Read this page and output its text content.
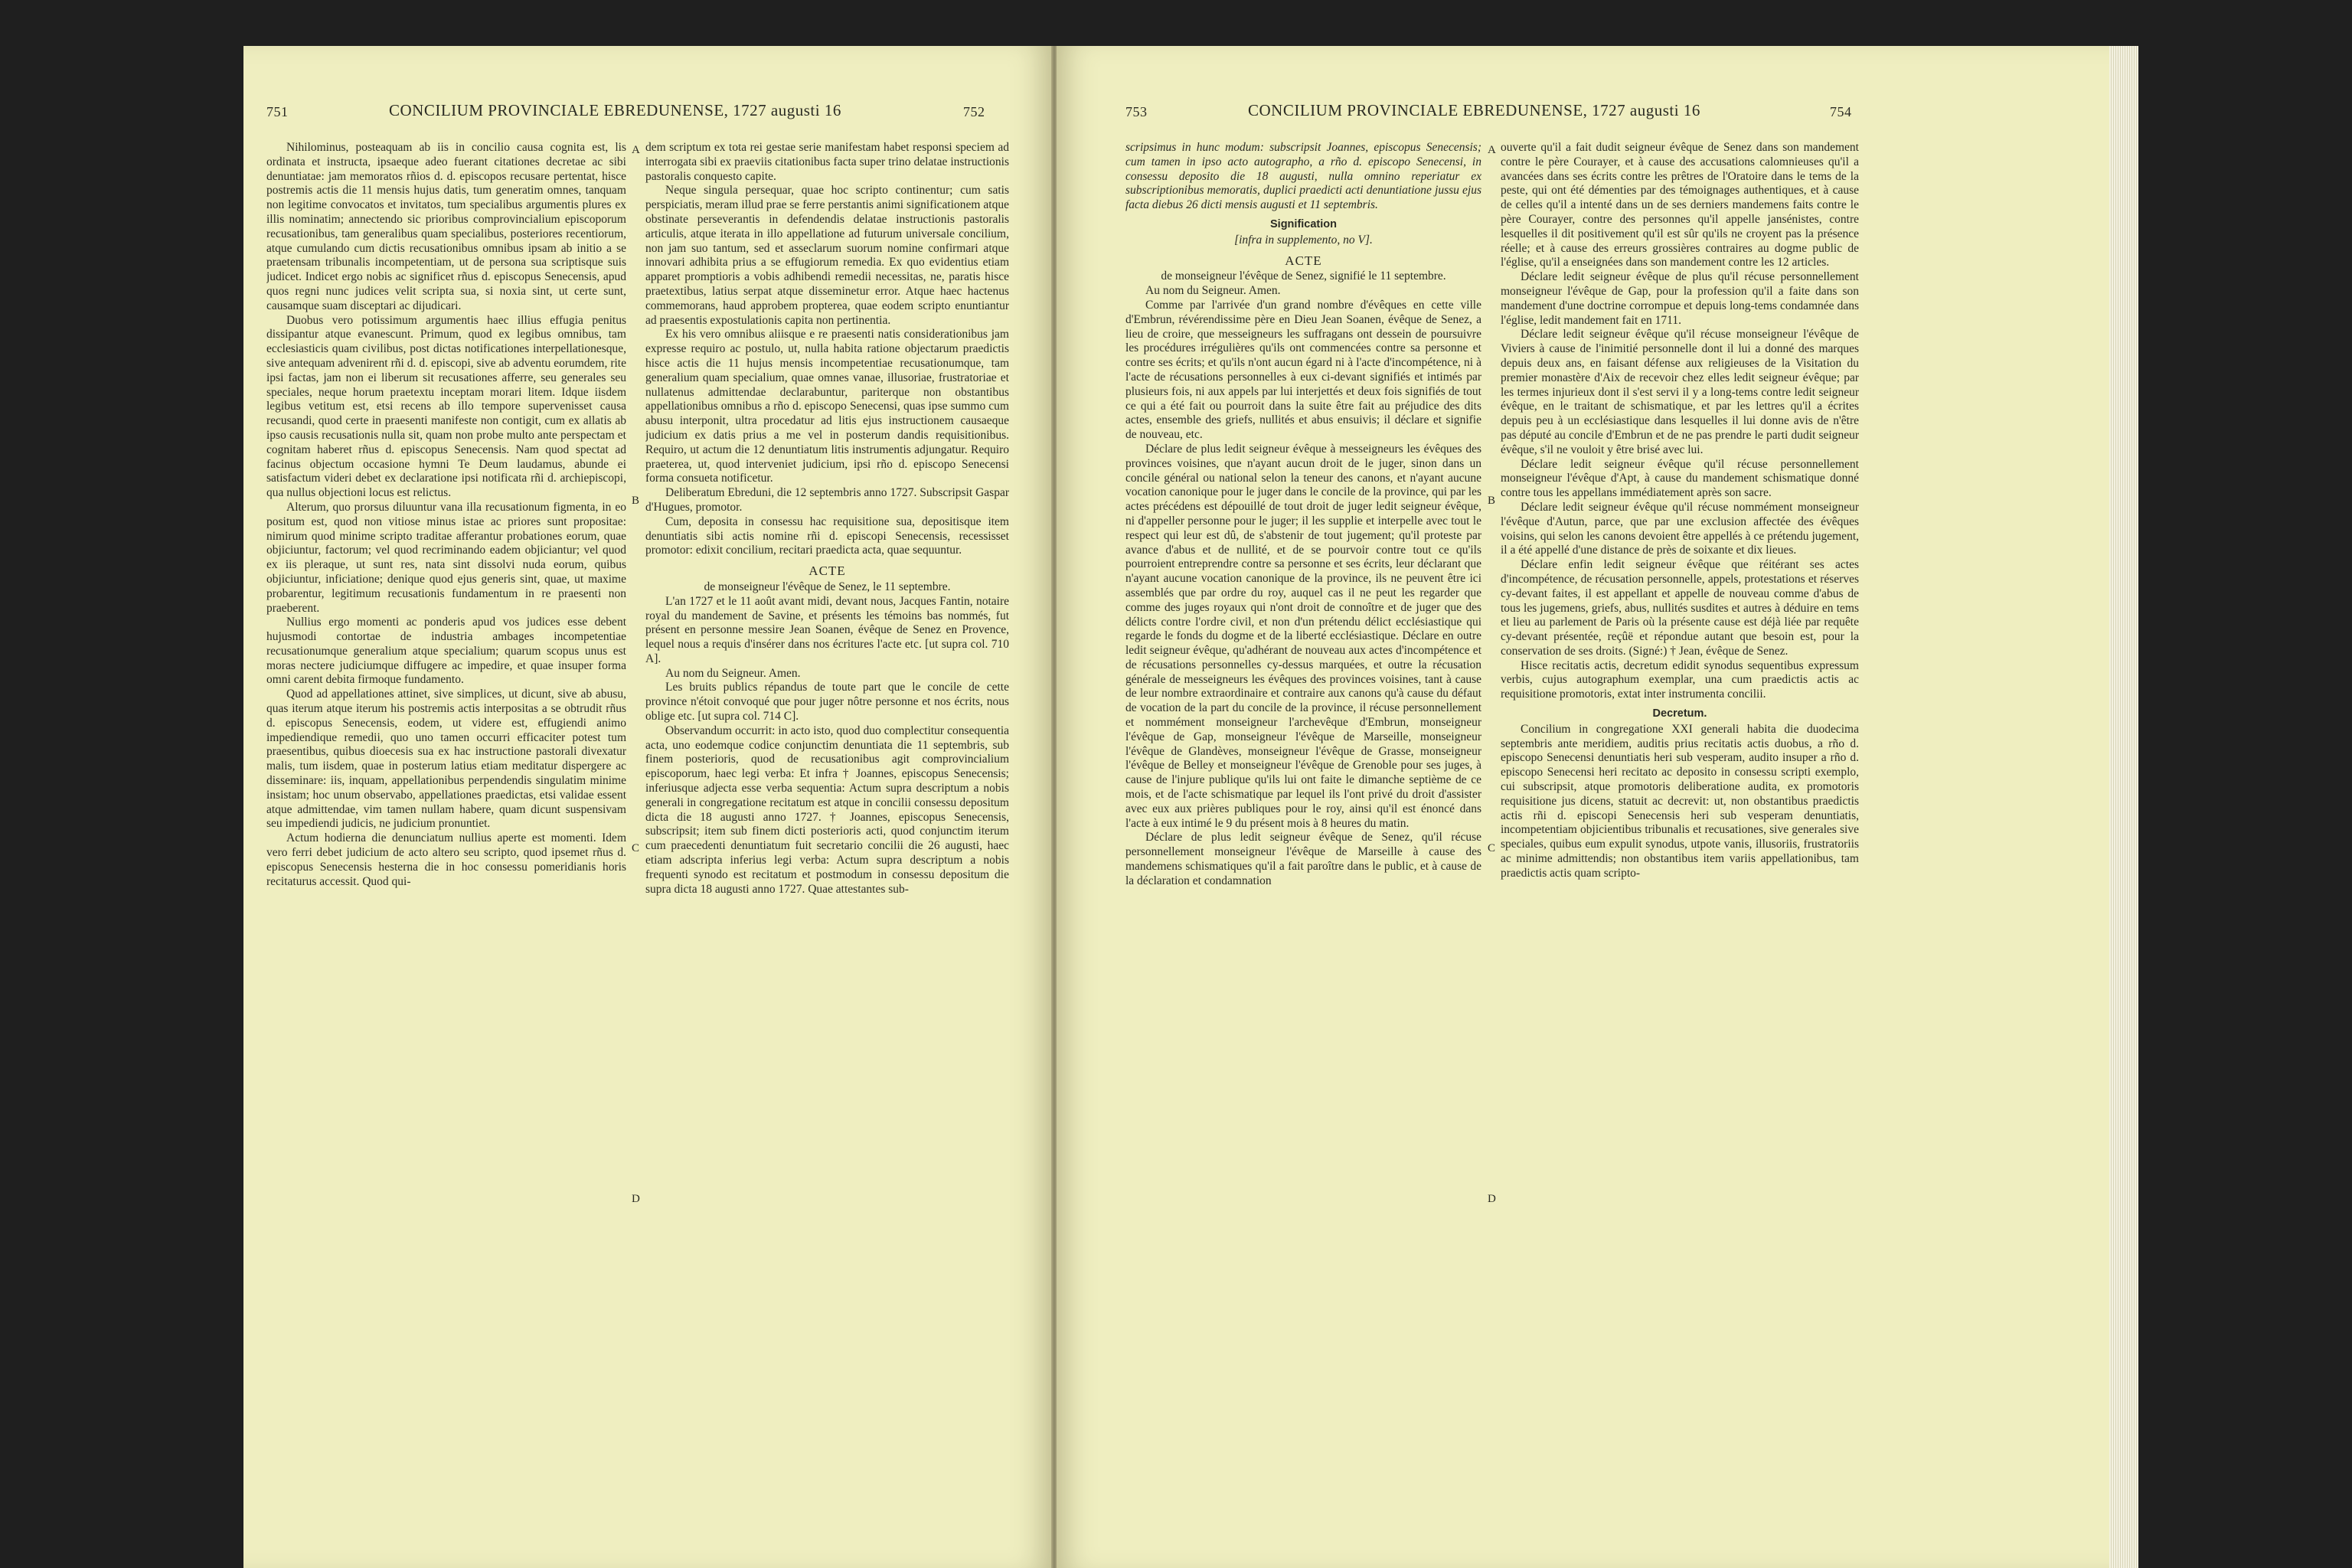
751	CONCILIUM PROVINCIALE EBREDUNENSE, 1727 augusti 16	752

Nihilominus, posteaquam ab iis in concilio causa cognita est, lis ordinata et instructa, ipsaeque adeo fuerant citationes decretae ac sibi denuntiatae: jam memoratos rñios d. d. episcopos recusare pertentat, hisce postremis actis die 11 mensis hujus datis, tum generatim omnes, tanquam non legitime convocatos et invitatos, tum specialibus argumentis plures ex illis nominatim; annectendo sic prioribus comprovincialium episcoporum recusationibus, tam generalibus quam specialibus, posteriores recentiorum, atque cumulando cum dictis recusationibus omnibus ipsam ab initio a se praetensam tribunalis incompetentiam, ut de persona sua scriptisque suis judicet. Indicet ergo nobis ac significet rñus d. episcopus Senecensis, apud quos regni nunc judices velit scripta sua, si noxia sint, ut certe sunt, causamque suam disceptari ac dijudicari.

Duobus vero potissimum argumentis haec illius effugia penitus dissipantur atque evanescunt. Primum, quod ex legibus omnibus, tam ecclesiasticis quam civilibus, post dictas notificationes interpellationesque, sive antequam advenirent rñi d. d. episcopi, sive ab adventu eorumdem, rite ipsi factas, jam non ei liberum sit recusationes afferre, seu generales seu speciales, neque horum praetextu inceptam morari litem. Idque iisdem legibus vetitum est, etsi recens ab illo tempore supervenisset causa recusandi, quod certe in praesenti manifeste non contigit, cum ex allatis ab ipso causis recusationis nulla sit, quam non probe multo ante perspectam et cognitam haberet rñus d. episcopus Senecensis. Nam quod spectat ad facinus objectum occasione hymni Te Deum laudamus, abunde ei satisfactum videri debet ex declaratione ipsi notificata rñi d. archiepiscopi, qua nullus objectioni locus est relictus.

Alterum, quo prorsus diluuntur vana illa recusationum figmenta, in eo positum est, quod non vitiose minus istae ac priores sunt propositae: nimirum quod minime scripto traditae afferantur probationes eorum, quae objiciuntur, factorum; vel quod recriminando eadem objiciantur; vel quod ex iis pleraque, ut sunt res, nata sint dissolvi nuda eorum, quibus objiciuntur, inficiatione; denique quod ejus generis sint, quae, ut maxime probarentur, legitimum recusationis fundamentum in re praesenti non praeberent.

Nullius ergo momenti ac ponderis apud vos judices esse debent hujusmodi contortae de industria ambages incompetentiae recusationumque generalium atque specialium; quarum scopus unus est moras nectere judiciumque diffugere ac impedire, et quae insuper forma omni carent debita firmoque fundamento.

Quod ad appellationes attinet, sive simplices, ut dicunt, sive ab abusu, quas iterum atque iterum his postremis actis interpositas a se obtrudit rñus d. episcopus Senecensis, eodem, ut videre est, effugiendi animo impediendique remedii, quo uno tamen occurri efficaciter potest tum praesentibus, quibus dioecesis sua ex hac instructione pastorali divexatur malis, tum iisdem, quae in posterum latius etiam meditatur dispergere ac disseminare: iis, inquam, appellationibus perpendendis singulatim minime insistam; hoc unum observabo, appellationes praedictas, etsi validae essent atque admittendae, vim tamen nullam habere, quam dicunt suspensivam seu impediendi judicis, ne judicium pronuntiet.

Actum hodierna die denunciatum nullius aperte est momenti. Idem vero ferri debet judicium de acto altero seu scripto, quod ipsemet rñus d. episcopus Senecensis hesterna die in hoc consessu pomeridianis horis recitaturus accessit. Quod qui-

A
B
C
D

dem scriptum ex tota rei gestae serie manifestam habet responsi speciem ad interrogata sibi ex praeviis citationibus facta super trino delatae instructionis pastoralis conquesto capite.

Neque singula persequar, quae hoc scripto continentur; cum satis perspiciatis, meram illud prae se ferre perstantis animi significationem atque obstinate perseverantis in defendendis delatae instructionis pastoralis articulis, atque iterata in illo appellatione ad futurum universale concilium, non jam suo tantum, sed et asseclarum suorum nomine confirmari atque innovari adhibita prius a se effugiorum remedia. Ex quo evidentius etiam apparet promptioris a vobis adhibendi remedii necessitas, ne, paratis hisce praetextibus, latius serpat atque disseminetur error. Atque haec hactenus commemorans, haud approbem propterea, quae eodem scripto enuntiantur ad praesentis expostulationis capita non pertinentia.

Ex his vero omnibus aliisque e re praesenti natis considerationibus jam expresse requiro ac postulo, ut, nulla habita ratione objectarum praedictis hisce actis die 11 hujus mensis incompetentiae recusationumque, tam generalium quam specialium, quae omnes vanae, illusoriae, frustratoriae et nullatenus admittendae declarabuntur, pariterque non obstantibus appellationibus omnibus a rño d. episcopo Senecensi, quas ipse summo cum abusu interponit, ultra procedatur ad litis ejus instructionem causaeque judicium ex datis prius a me vel in posterum dandis requisitionibus. Requiro, ut actum die 12 denuntiatum litis instrumentis adjungatur. Requiro praeterea, ut, quod interveniet judicium, ipsi rño d. episcopo Senecensi forma consueta notificetur.

Deliberatum Ebreduni, die 12 septembris anno 1727. Subscripsit Gaspar d'Hugues, promotor.

Cum, deposita in consessu hac requisitione sua, depositisque item denuntiatis sibi actis nomine rñi d. episcopi Senecensis, recessisset promotor: edixit concilium, recitari praedicta acta, quae sequuntur.

ACTE
de monseigneur l'évêque de Senez, le 11 septembre.

L'an 1727 et le 11 août avant midi, devant nous, Jacques Fantin, notaire royal du mandement de Savine, et présents les témoins bas nommés, fut présent en personne messire Jean Soanen, évêque de Senez en Provence, lequel nous a requis d'insérer dans nos écritures l'acte etc. [ut supra col. 710 A].

Au nom du Seigneur. Amen.

Les bruits publics répandus de toute part que le concile de cette province n'étoit convoqué que pour juger nôtre personne et nos écrits, nous oblige etc. [ut supra col. 714 C].

Observandum occurrit: in acto isto, quod duo complectitur consequentia acta, uno eodemque codice conjunctim denuntiata die 11 septembris, sub finem posterioris, quod de recusationibus agit comprovincialium episcoporum, haec legi verba: Et infra † Joannes, episcopus Senecensis; inferiusque adjecta esse verba sequentia: Actum supra descriptum a nobis generali in congregatione recitatum est atque in concilii consessu depositum dicta die 18 augusti anno 1727. † Joannes, episcopus Senecensis, subscripsit; item sub finem dicti posterioris acti, quod conjunctim iterum cum praecedenti denuntiatum fuit secretario concilii die 26 augusti, haec etiam adscripta inferius legi verba: Actum supra descriptum a nobis frequenti synodo est recitatum et postmodum in consessu depositum die supra dicta 18 augusti anno 1727. Quae attestantes sub-

753	CONCILIUM PROVINCIALE EBREDUNENSE, 1727 augusti 16	754

scripsimus in hunc modum: subscripsit Joannes, episcopus Senecensis; cum tamen in ipso acto autographo, a rño d. episcopo Senecensi, in consessu deposito die 18 augusti, nulla omnino reperiatur ex subscriptionibus memoratis, duplici praedicti acti denuntiatione jussu ejus facta diebus 26 dicti mensis augusti et 11 septembris.

Signification
[infra in supplemento, no V].
ACTE
de monseigneur l'évêque de Senez, signifié le 11 septembre.

Au nom du Seigneur. Amen.

Comme par l'arrivée d'un grand nombre d'évêques en cette ville d'Embrun, révérendissime père en Dieu Jean Soanen, évêque de Senez, a lieu de croire, que messeigneurs les suffragans ont dessein de poursuivre les procédures irrégulières qu'ils ont commencées contre sa personne et contre ses écrits; et qu'ils n'ont aucun égard ni à l'acte d'incompétence, ni à l'acte de récusations personnelles à eux ci-devant signifiés et intimés par plusieurs fois, ni aux appels par lui interjettés et deux fois signifiés de tout ce qui a été fait ou pourroit dans la suite être fait au préjudice des dits actes, ensemble des griefs, nullités et abus ensuivis; il déclare et signifie de nouveau, etc.

Déclare de plus ledit seigneur évêque à messeigneurs les évêques des provinces voisines, que n'ayant aucun droit de le juger, sinon dans un concile général ou national selon la teneur des canons, et n'ayant aucune vocation canonique pour le juger dans le concile de la province, qui par les actes précédens est dépouillé de tout droit de juger ledit seigneur évêque, ni d'appeller personne pour le juger; il les supplie et interpelle avec tout le respect qui leur est dû, de s'abstenir de tout jugement; qu'il proteste par avance d'abus et de nullité, et de se pourvoir contre tout ce qu'ils pourroient entreprendre contre sa personne et ses écrits, leur déclarant que n'ayant aucune vocation canonique de la province, ils ne peuvent être ici assemblés que par ordre du roy, auquel cas il ne peut les regarder que comme des juges royaux qui n'ont droit de connoître et de juger que des délicts contre l'ordre civil, et non d'un prétendu délict ecclésiastique qui regarde le fonds du dogme et de la liberté ecclésiastique. Déclare en outre ledit seigneur évêque, qu'adhérant de nouveau aux actes d'incompétence et de récusations personnelles cy-dessus marquées, et outre la récusation générale de messeigneurs les évêques des provinces voisines, tant à cause de leur nombre extraordinaire et contraire aux canons qu'à cause du défaut de vocation de la part du concile de la province, il récuse personnellement et nommément monseigneur l'archevêque d'Embrun, monseigneur l'évêque de Gap, monseigneur l'évêque de Marseille, monseigneur l'évêque de Glandèves, monseigneur l'évêque de Grasse, monseigneur l'évêque de Belley et monseigneur l'évêque de Grenoble pour ses juges, à cause de l'injure publique qu'ils lui ont faite le dimanche septième de ce mois, et de l'acte schismatique par lequel ils l'ont privé du droit d'assister avec eux aux prières publiques pour le roy, ainsi qu'il est énoncé dans l'acte à eux intimé le 9 du présent mois à 8 heures du matin.

Déclare de plus ledit seigneur évêque de Senez, qu'il récuse personnellement monseigneur l'évêque de Marseille à cause des mandemens schismatiques qu'il a fait paroître dans le public, et à cause de la déclaration et condamnation

A
B
C
D

ouverte qu'il a fait dudit seigneur évêque de Senez dans son mandement contre le père Courayer, et à cause des accusations calomnieuses qu'il a avancées dans ses écrits contre les prêtres de l'Oratoire dans le tems de la peste, qui ont été démenties par des témoignages authentiques, et à cause de celles qu'il a intenté dans un de ses derniers mandemens faits contre le père Courayer, contre des personnes qu'il appelle jansénistes, contre lesquelles il dit positivement qu'il est sûr qu'ils ne croyent pas la présence réelle; et à cause des erreurs grossières contraires au dogme public de l'église, qu'il a enseignées dans son mandement contre les 12 articles.

Déclare ledit seigneur évêque de plus qu'il récuse personnellement monseigneur l'évêque de Gap, pour la profession qu'il a faite dans son mandement d'une doctrine corrompue et depuis long-tems condamnée dans l'église, ledit mandement fait en 1711.

Déclare ledit seigneur évêque qu'il récuse monseigneur l'évêque de Viviers à cause de l'inimitié personnelle dont il lui a donné des marques depuis deux ans, en faisant défense aux religieuses de la Visitation du premier monastère d'Aix de recevoir chez elles ledit seigneur évêque; par les termes injurieux dont il s'est servi il y a long-tems contre ledit seigneur évêque, en le traitant de schismatique, et par les lettres qu'il a écrites depuis peu à un ecclésiastique dans lesquelles il lui donne avis de n'être pas député au concile d'Embrun et de ne pas prendre le parti dudit seigneur évêque, s'il ne vouloit y être brisé avec lui.

Déclare ledit seigneur évêque qu'il récuse personnellement monseigneur l'évêque d'Apt, à cause du mandement schismatique donné contre tous les appellans immédiatement après son sacre.

Déclare ledit seigneur évêque qu'il récuse nommément monseigneur l'évêque d'Autun, parce, que par une exclusion affectée des évêques voisins, qui selon les canons devoient être appellés à ce prétendu jugement, il a été appellé d'une distance de près de soixante et dix lieues.

Déclare enfin ledit seigneur évêque que réitérant ses actes d'incompétence, de récusation personnelle, appels, protestations et réserves cy-devant faites, il est appellant et appelle de nouveau comme d'abus de tous les jugemens, griefs, abus, nullités susdites et autres à déduire en tems et lieu au parlement de Paris où la présente cause est déjà liée par requête cy-devant présentée, reçûë et répondue autant que besoin est, pour la conservation de ses droits. (Signé:) † Jean, évêque de Senez.

Hisce recitatis actis, decretum edidit synodus sequentibus expressum verbis, cujus autographum exemplar, una cum praedictis actis ac requisitione promotoris, extat inter instrumenta concilii.

Decretum.

Concilium in congregatione XXI generali habita die duodecima septembris ante meridiem, auditis prius recitatis actis duobus, a rño d. episcopo Senecensi denuntiatis heri sub vesperam, audito insuper a rño d. episcopo Senecensi heri recitato ac deposito in consessu scripti exemplo, cui subscripsit, atque promotoris deliberatione audita, ex promotoris requisitione jus dicens, statuit ac decrevit: ut, non obstantibus praedictis actis rñi d. episcopi Senecensis heri sub vesperam denuntiatis, incompetentiam objicientibus tribunalis et recusationes, sive generales sive speciales, quibus eum expulit synodus, utpote vanis, illusoriis, frustratoriis ac minime admittendis; non obstantibus item variis appellationibus, tam praedictis actis quam scripto-
